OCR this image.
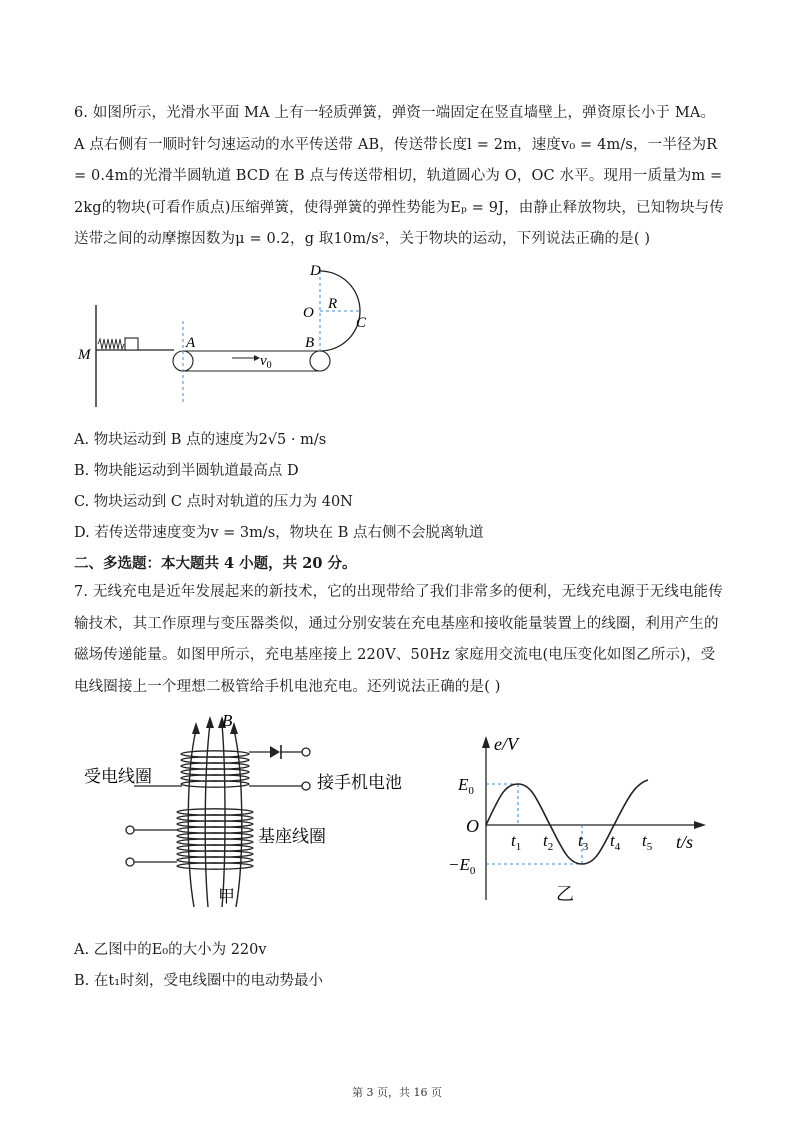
6. 如图所示，光滑水平面 MA 上有一轻质弹簧，弹资一端固定在竖直墙壁上，弹资原长小于 MA。A 点右侧有一顺时针匀速运动的水平传送带 AB，传送带长度l = 2m，速度v₀ = 4m/s，一半径为R = 0.4m的光滑半圆轨道 BCD 在 B 点与传送带相切，轨道圆心为 O，OC 水平。现用一质量为m = 2kg的物块(可看作质点)压缩弹簧，使得弹簧的弹性势能为Eₚ = 9J，由静止释放物块，已知物块与传送带之间的动摩擦因数为μ = 0.2，g 取10m/s²，关于物块的运动，下列说法正确的是( )
M
A	B
C
D
O
R
$v_0$
A. 物块运动到 B 点的速度为2√5 · m/s
B. 物块能运动到半圆轨道最高点 D
C. 物块运动到 C 点时对轨道的压力为 40N
D. 若传送带速度变为v = 3m/s，物块在 B 点右侧不会脱离轨道
二、多选题：本大题共 4 小题，共 20 分。
7. 无线充电是近年发展起来的新技术，它的出现带给了我们非常多的便利，无线充电源于无线电能传输技术，其工作原理与变压器类似，通过分别安装在充电基座和接收能量装置上的线圈，利用产生的磁场传递能量。如图甲所示，充电基座接上 220V、50Hz 家庭用交流电(电压变化如图乙所示)，受电线圈接上一个理想二极管给手机电池充电。还列说法正确的是( )
B
受电线圈	接手机电池
基座线圈
甲
e/V
t/s
O
$E_0$
$-E_0$
$t_1$ $t_2$ $t_3$ $t_4$ $t_5$
乙
A. 乙图中的E₀的大小为 220v
B. 在t₁时刻，受电线圈中的电动势最小
第 3 页，共 16 页
